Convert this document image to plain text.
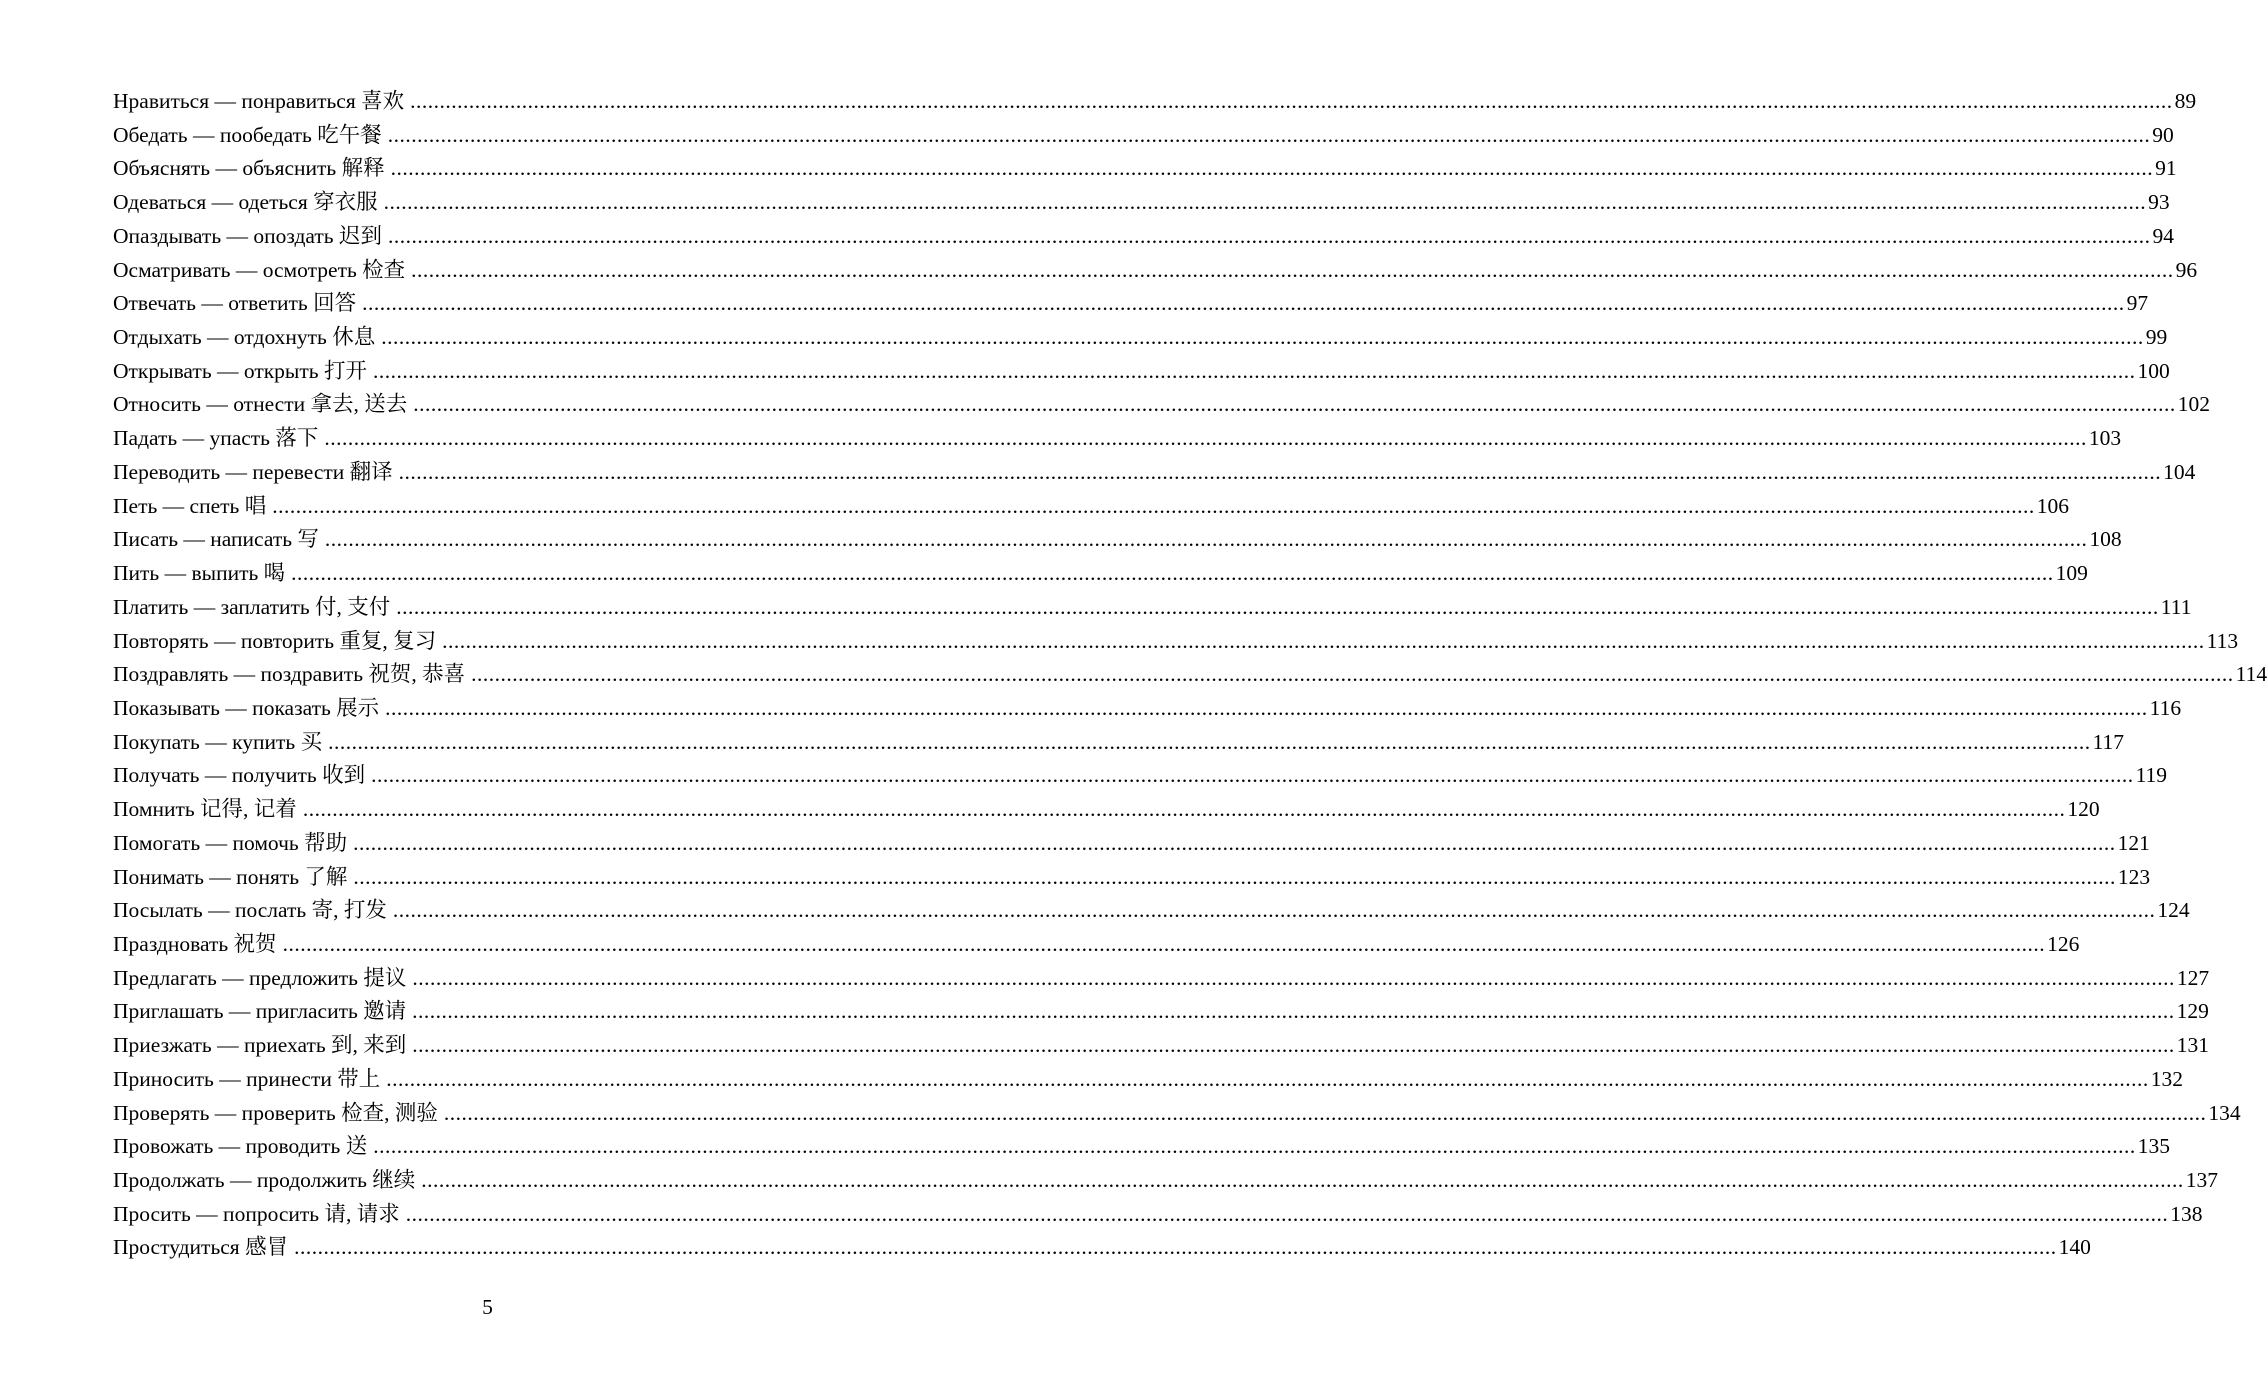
Нравиться — понравиться 喜欢 ............................................................................................................................................................................................................................................................................................................ 89
Обедать — пообедать 吃午餐 ............................................................................................................................................................................................................................................................................................................ 90
Объяснять — объяснить 解释 ............................................................................................................................................................................................................................................................................................................ 91
Одеваться — одеться 穿衣服 ............................................................................................................................................................................................................................................................................................................ 93
Опаздывать — опоздать 迟到 ............................................................................................................................................................................................................................................................................................................ 94
Осматривать — осмотреть 检查 ............................................................................................................................................................................................................................................................................................................ 96
Отвечать — ответить 回答 ............................................................................................................................................................................................................................................................................................................ 97
Отдыхать — отдохнуть 休息 ............................................................................................................................................................................................................................................................................................................ 99
Открывать — открыть 打开 ............................................................................................................................................................................................................................................................................................................ 100
Относить — отнести 拿去, 送去 ............................................................................................................................................................................................................................................................................................................ 102
Падать — упасть 落下 ............................................................................................................................................................................................................................................................................................................ 103
Переводить — перевести 翻译 ............................................................................................................................................................................................................................................................................................................ 104
Петь — спеть 唱 ............................................................................................................................................................................................................................................................................................................ 106
Писать — написать 写 ............................................................................................................................................................................................................................................................................................................ 108
Пить — выпить 喝 ............................................................................................................................................................................................................................................................................................................ 109
Платить — заплатить 付, 支付 ............................................................................................................................................................................................................................................................................................................ 111
Повторять — повторить 重复, 复习 ............................................................................................................................................................................................................................................................................................................ 113
Поздравлять — поздравить 祝贺, 恭喜 ............................................................................................................................................................................................................................................................................................................ 114
Показывать — показать 展示 ............................................................................................................................................................................................................................................................................................................ 116
Покупать — купить 买 ............................................................................................................................................................................................................................................................................................................ 117
Получать — получить 收到 ............................................................................................................................................................................................................................................................................................................ 119
Помнить 记得, 记着 ............................................................................................................................................................................................................................................................................................................ 120
Помогать — помочь 帮助 ............................................................................................................................................................................................................................................................................................................ 121
Понимать — понять 了解 ............................................................................................................................................................................................................................................................................................................ 123
Посылать — послать 寄, 打发 ............................................................................................................................................................................................................................................................................................................ 124
Праздновать 祝贺 ............................................................................................................................................................................................................................................................................................................ 126
Предлагать — предложить 提议 ............................................................................................................................................................................................................................................................................................................ 127
Приглашать — пригласить 邀请 ............................................................................................................................................................................................................................................................................................................ 129
Приезжать — приехать 到, 来到 ............................................................................................................................................................................................................................................................................................................ 131
Приносить — принести 带上 ............................................................................................................................................................................................................................................................................................................ 132
Проверять — проверить 检查, 测验 ............................................................................................................................................................................................................................................................................................................ 134
Провожать — проводить 送 ............................................................................................................................................................................................................................................................................................................ 135
Продолжать — продолжить 继续 ............................................................................................................................................................................................................................................................................................................ 137
Просить — попросить 请, 请求 ............................................................................................................................................................................................................................................................................................................ 138
Простудиться 感冒 ............................................................................................................................................................................................................................................................................................................ 140
5
